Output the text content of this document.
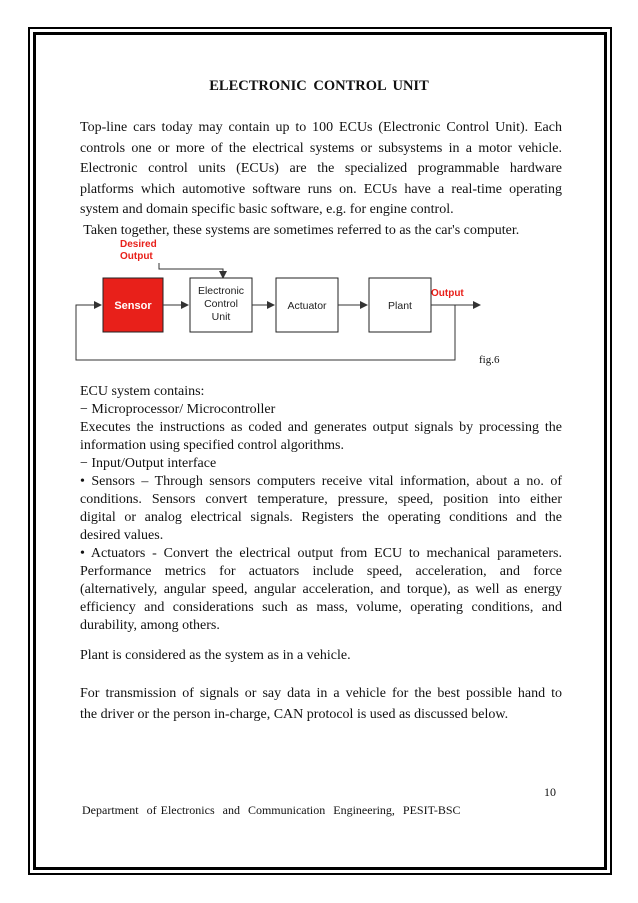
ELECTRONIC CONTROL UNIT
Top-line cars today may contain up to 100 ECUs (Electronic Control Unit). Each
controls one or more of the electrical systems or subsystems in a motor vehicle.
Electronic control units (ECUs) are the specialized programmable hardware
platforms which automotive software runs on. ECUs have a real-time operating
system and domain specific basic software, e.g. for engine control.
Taken together, these systems are sometimes referred to as the car's computer.
Desired
Output
Sensor
Electronic
Control
Unit
Actuator	Plant
Output
fig.6
ECU system contains:
− Microprocessor/ Microcontroller
Executes the instructions as coded and generates output signals by processing the
information using specified control algorithms.
− Input/Output interface
• Sensors – Through sensors computers receive vital information, about a no. of
conditions. Sensors convert temperature, pressure, speed, position into either
digital or analog electrical signals. Registers the operating conditions and the
desired values.
• Actuators - Convert the electrical output from ECU to mechanical parameters.
Performance metrics for actuators include speed, acceleration, and force
(alternatively, angular speed, angular acceleration, and torque), as well as energy
efficiency and considerations such as mass, volume, operating conditions, and
durability, among others.
Plant is considered as the system as in a vehicle.
For transmission of signals or say data in a vehicle for the best possible hand to
the driver or the person in-charge, CAN protocol is used as discussed below.
10
Department  of Electronics  and  Communication  Engineering,  PESIT-BSC
